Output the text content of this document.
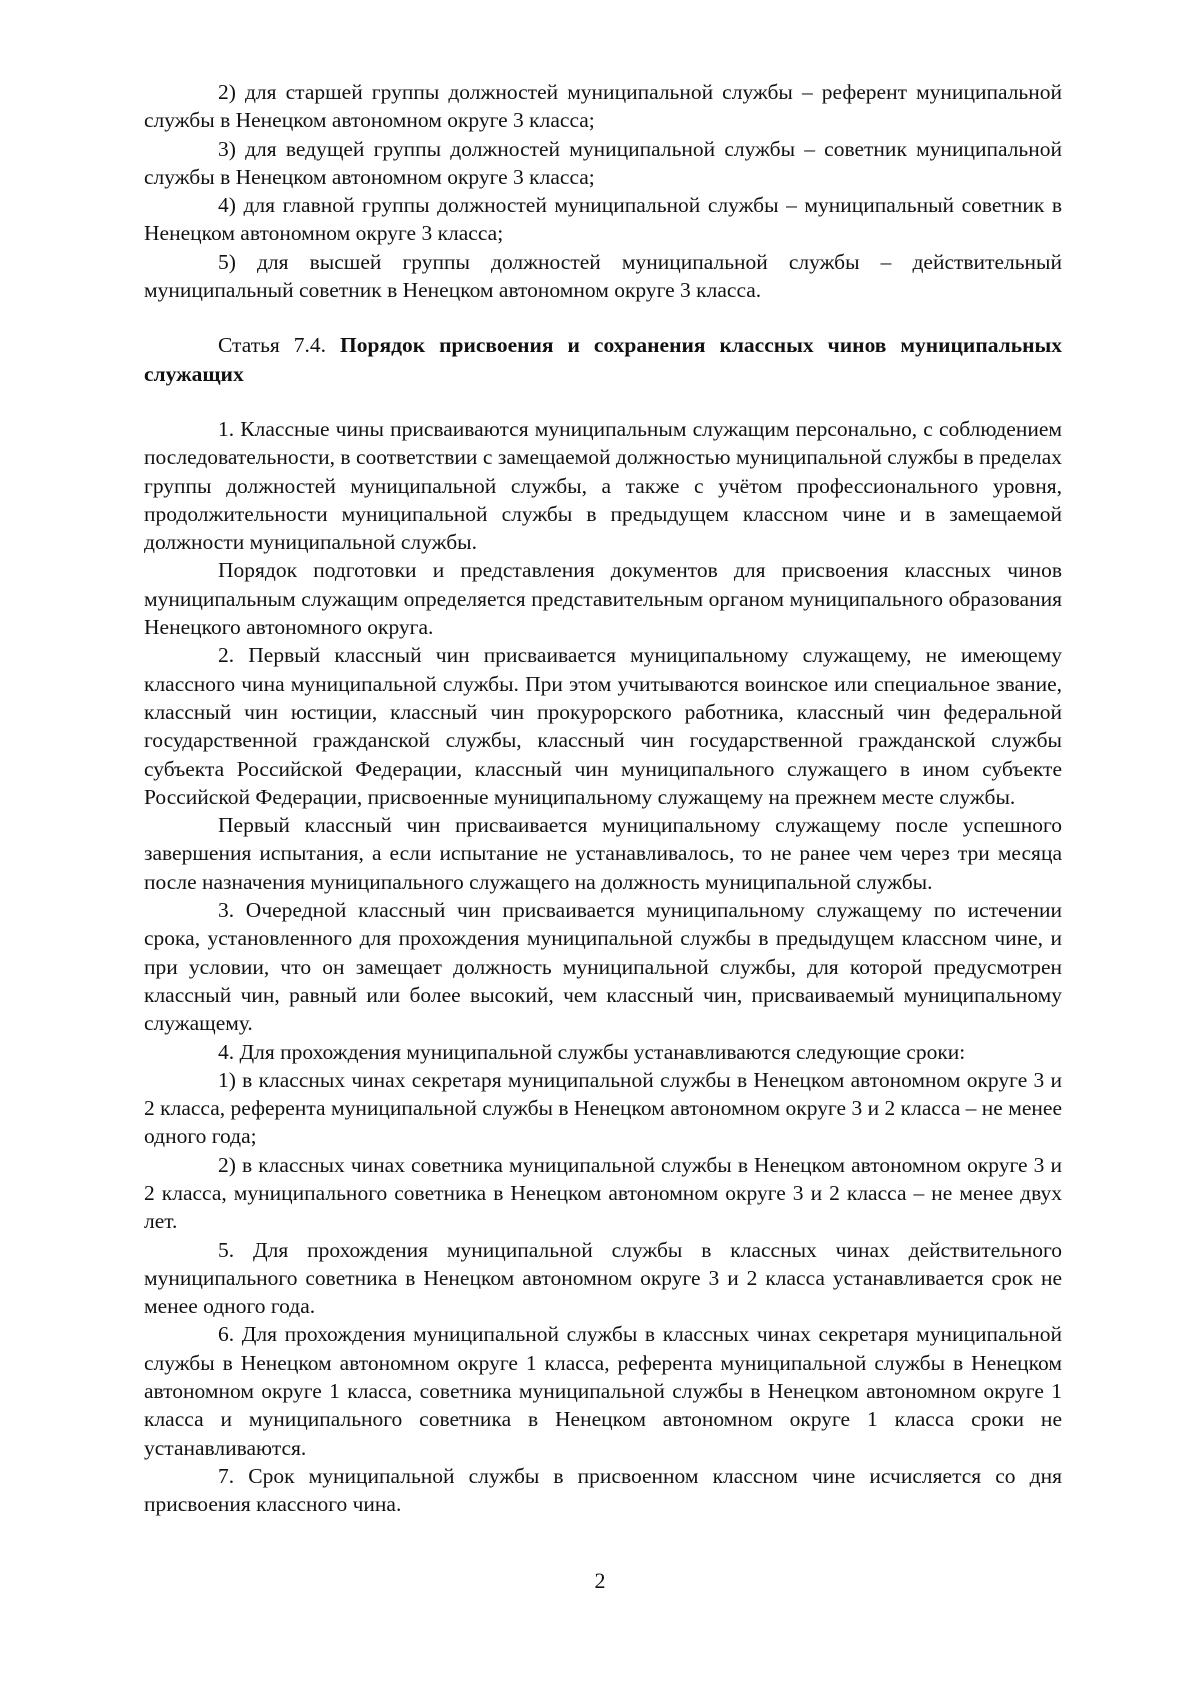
2) для старшей группы должностей муниципальной службы – референт муниципальной службы в Ненецком автономном округе 3 класса;

3) для ведущей группы должностей муниципальной службы – советник муниципальной службы в Ненецком автономном округе 3 класса;

4) для главной группы должностей муниципальной службы – муниципальный советник в Ненецком автономном округе 3 класса;

5) для высшей группы должностей муниципальной службы – действительный муниципальный советник в Ненецком автономном округе 3 класса.

Статья 7.4. Порядок присвоения и сохранения классных чинов муниципальных служащих

1. Классные чины присваиваются муниципальным служащим персонально, с соблюдением последовательности, в соответствии с замещаемой должностью муниципальной службы в пределах группы должностей муниципальной службы, а также с учётом профессионального уровня, продолжительности муниципальной службы в предыдущем классном чине и в замещаемой должности муниципальной службы.

Порядок подготовки и представления документов для присвоения классных чинов муниципальным служащим определяется представительным органом муниципального образования Ненецкого автономного округа.

2. Первый классный чин присваивается муниципальному служащему, не имеющему классного чина муниципальной службы. При этом учитываются воинское или специальное звание, классный чин юстиции, классный чин прокурорского работника, классный чин федеральной государственной гражданской службы, классный чин государственной гражданской службы субъекта Российской Федерации, классный чин муниципального служащего в ином субъекте Российской Федерации, присвоенные муниципальному служащему на прежнем месте службы.

Первый классный чин присваивается муниципальному служащему после успешного завершения испытания, а если испытание не устанавливалось, то не ранее чем через три месяца после назначения муниципального служащего на должность муниципальной службы.

3. Очередной классный чин присваивается муниципальному служащему по истечении срока, установленного для прохождения муниципальной службы в предыдущем классном чине, и при условии, что он замещает должность муниципальной службы, для которой предусмотрен классный чин, равный или более высокий, чем классный чин, присваиваемый муниципальному служащему.

4. Для прохождения муниципальной службы устанавливаются следующие сроки:

1) в классных чинах секретаря муниципальной службы в Ненецком автономном округе 3 и 2 класса, референта муниципальной службы в Ненецком автономном округе 3 и 2 класса – не менее одного года;

2) в классных чинах советника муниципальной службы в Ненецком автономном округе 3 и 2 класса, муниципального советника в Ненецком автономном округе 3 и 2 класса – не менее двух лет.

5. Для прохождения муниципальной службы в классных чинах действительного муниципального советника в Ненецком автономном округе 3 и 2 класса устанавливается срок не менее одного года.

6. Для прохождения муниципальной службы в классных чинах секретаря муниципальной службы в Ненецком автономном округе 1 класса, референта муниципальной службы в Ненецком автономном округе 1 класса, советника муниципальной службы в Ненецком автономном округе 1 класса и муниципального советника в Ненецком автономном округе 1 класса сроки не устанавливаются.

7. Срок муниципальной службы в присвоенном классном чине исчисляется со дня присвоения классного чина.

2
